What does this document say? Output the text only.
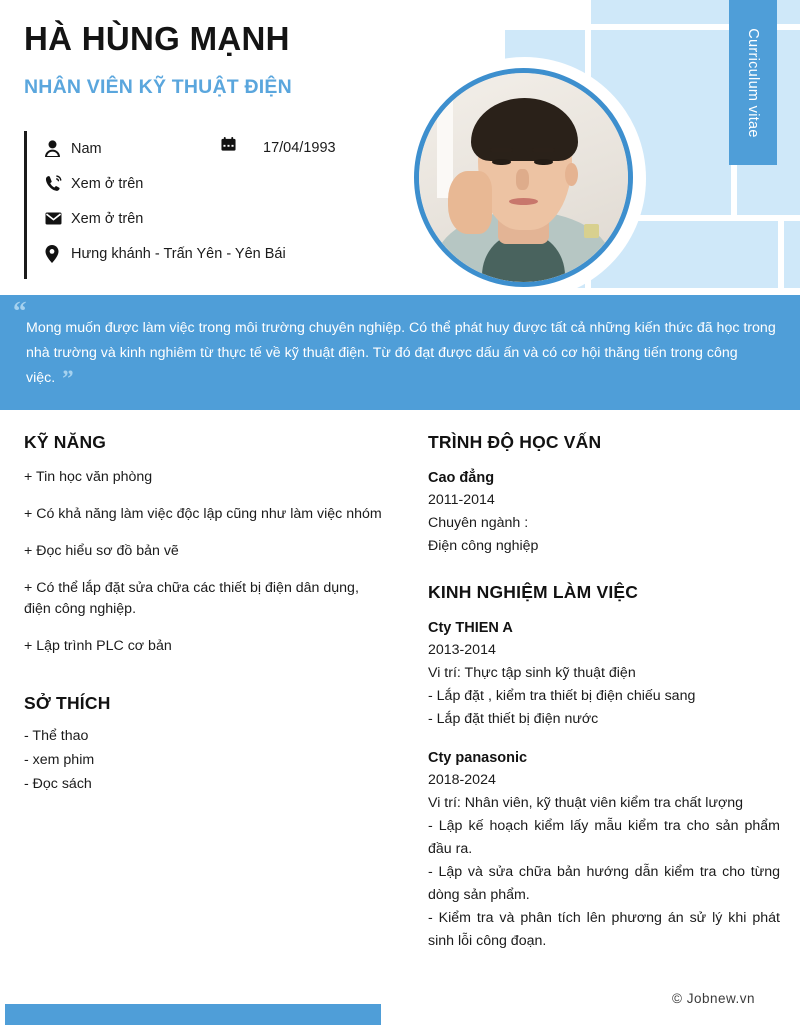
Curriculum vitae
HÀ HÙNG MẠNH
NHÂN VIÊN KỸ THUẬT ĐIỆN
Nam	17/04/1993
Xem ở trên
Xem ở trên
Hưng khánh - Trấn Yên - Yên Bái
“

Mong muốn được làm việc trong môi trường chuyên nghiệp. Có thể phát huy được tất cả những kiến thức đã học trong nhà trường và kinh nghiêm từ thực tế về kỹ thuật điện. Từ đó đạt được dấu ấn và có cơ hội thăng tiến trong công việc. ”

KỸ NĂNG
+ Tin học văn phòng
+ Có khả năng làm việc độc lập cũng như làm việc nhóm
+ Đọc hiểu sơ đồ bản vẽ
+ Có thể lắp đặt sửa chữa các thiết bị điện dân dụng, điện công nghiệp.
+ Lập trình PLC cơ bản
SỞ THÍCH
- Thể thao
- xem phim
- Đọc sách
TRÌNH ĐỘ HỌC VẤN
Cao đẳng
2011-2014
Chuyên ngành :
Điện công nghiệp
KINH NGHIỆM LÀM VIỆC
Cty THIEN A
2013-2014
Vi trí: Thực tập sinh kỹ thuật điện
- Lắp đặt , kiểm tra thiết bị điện chiếu sang
- Lắp đặt thiết bị điện nước
Cty panasonic
2018-2024
Vi trí: Nhân viên, kỹ thuật viên kiểm tra chất lượng
- Lập kế hoạch kiểm lấy mẫu kiểm tra cho sản phẩm đầu ra.
- Lập và sửa chữa bản hướng dẫn kiểm tra cho từng dòng sản phẩm.
- Kiểm tra và phân tích lên phương án sử lý khi phát sinh lỗi công đoạn.
© Jobnew.vn
